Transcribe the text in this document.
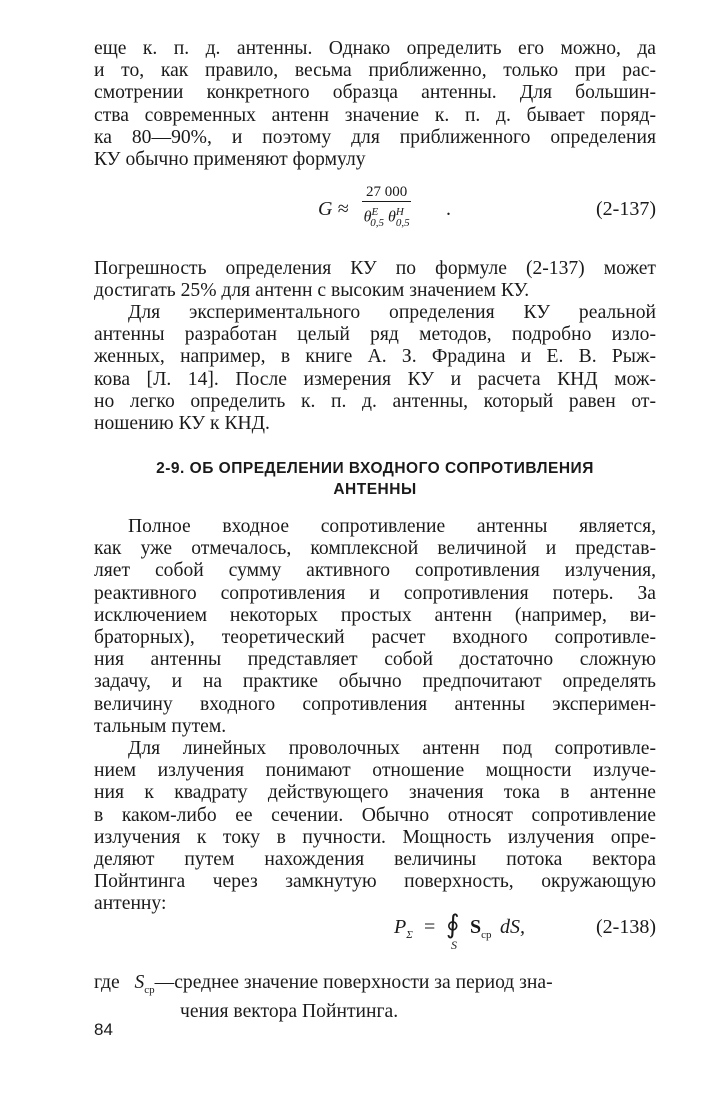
еще к. п. д. антенны. Однако определить его можно, да
и то, как правило, весьма приближенно, только при рас-
смотрении конкретного образца антенны. Для большин-
ства современных антенн значение к. п. д. бывает поряд-
ка 80—90%, и поэтому для приближенного определения
КУ обычно применяют формулу
G ≈
27 000
$\theta^E_{0,5}$ $\theta^H_{0,5}$
.	(2-137)
Погрешность определения КУ по формуле (2-137) может
достигать 25% для антенн с высоким значением КУ.
Для экспериментального определения КУ реальной
антенны разработан целый ряд методов, подробно изло-
женных, например, в книге А. З. Фрадина и Е. В. Рыж-
кова [Л. 14]. После измерения КУ и расчета КНД мож-
но легко определить к. п. д. антенны, который равен от-
ношению КУ к КНД.
2-9. ОБ ОПРЕДЕЛЕНИИ ВХОДНОГО СОПРОТИВЛЕНИЯ
АНТЕННЫ
Полное входное сопротивление антенны является,
как уже отмечалось, комплексной величиной и представ-
ляет собой сумму активного сопротивления излучения,
реактивного сопротивления и сопротивления потерь. За
исключением некоторых простых антенн (например, ви-
браторных), теоретический расчет входного сопротивле-
ния антенны представляет собой достаточно сложную
задачу, и на практике обычно предпочитают определять
величину входного сопротивления антенны эксперимен-
тальным путем.
Для линейных проволочных антенн под сопротивле-
нием излучения понимают отношение мощности излуче-
ния к квадрату действующего значения тока в антенне
в каком-либо ее сечении. Обычно относят сопротивление
излучения к току в пучности. Мощность излучения опре-
деляют путем нахождения величины потока вектора
Пойнтинга через замкнутую поверхность, окружающую
антенну:
$P_\Sigma$ = ∮
S
$S_{ср}$ dS,	(2-138)
где $S_{ср}—среднее$ значение поверхности за период зна-
чения вектора Пойнтинга.
84
